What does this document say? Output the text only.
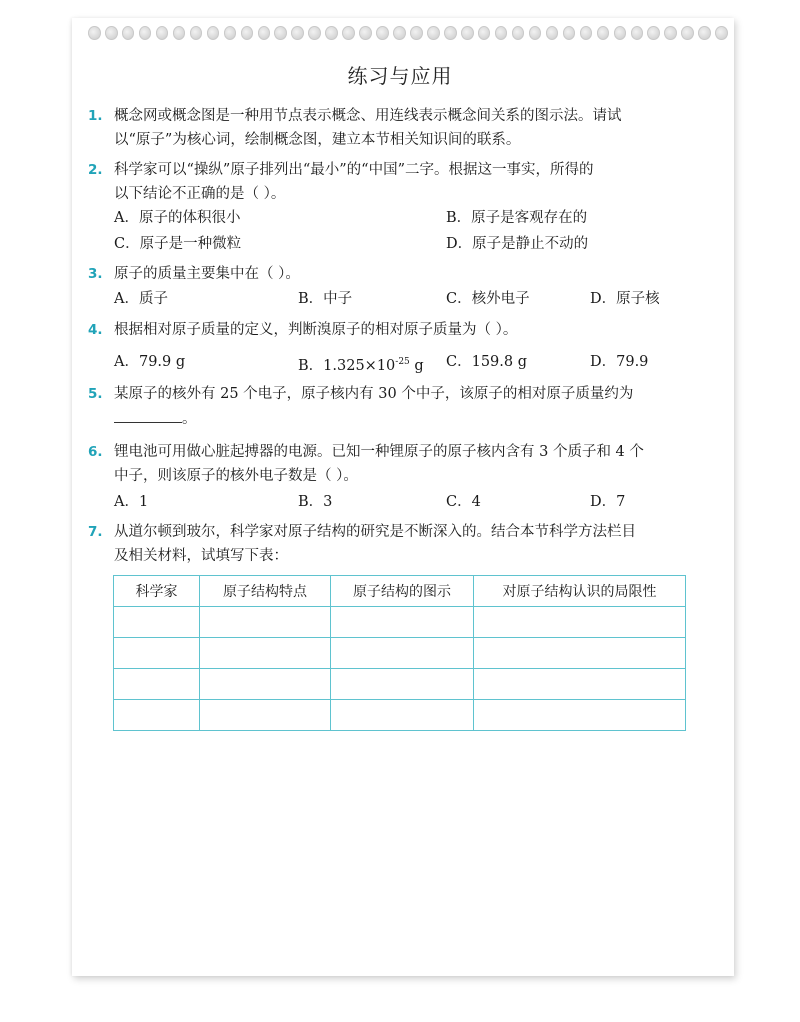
练习与应用
1. 概念网或概念图是一种用节点表示概念、用连线表示概念间关系的图示法。请试
以“原子”为核心词，绘制概念图，建立本节相关知识间的联系。
2. 科学家可以“操纵”原子排列出“最小”的“中国”二字。根据这一事实，所得的
以下结论不正确的是（ ）。
A．原子的体积很小	B．原子是客观存在的
C．原子是一种微粒	D．原子是静止不动的
3. 原子的质量主要集中在（ ）。
A．质子	B．中子	C．核外电子	D．原子核
4. 根据相对原子质量的定义，判断溴原子的相对原子质量为（ ）。
A．79.9 g	B．$1.325\times 10^{-25}$ g C．159.8 g	D．79.9
5. 某原子的核外有 25 个电子，原子核内有 30 个中子，该原子的相对原子质量约为
。
6. 锂电池可用做心脏起搏器的电源。已知一种锂原子的原子核内含有 3 个质子和 4 个
中子，则该原子的核外电子数是（ ）。
A．1	B．3	C．4	D．7
7. 从道尔顿到玻尔，科学家对原子结构的研究是不断深入的。结合本节科学方法栏目
及相关材料，试填写下表：
科学家	原子结构特点	原子结构的图示	对原子结构认识的局限性
